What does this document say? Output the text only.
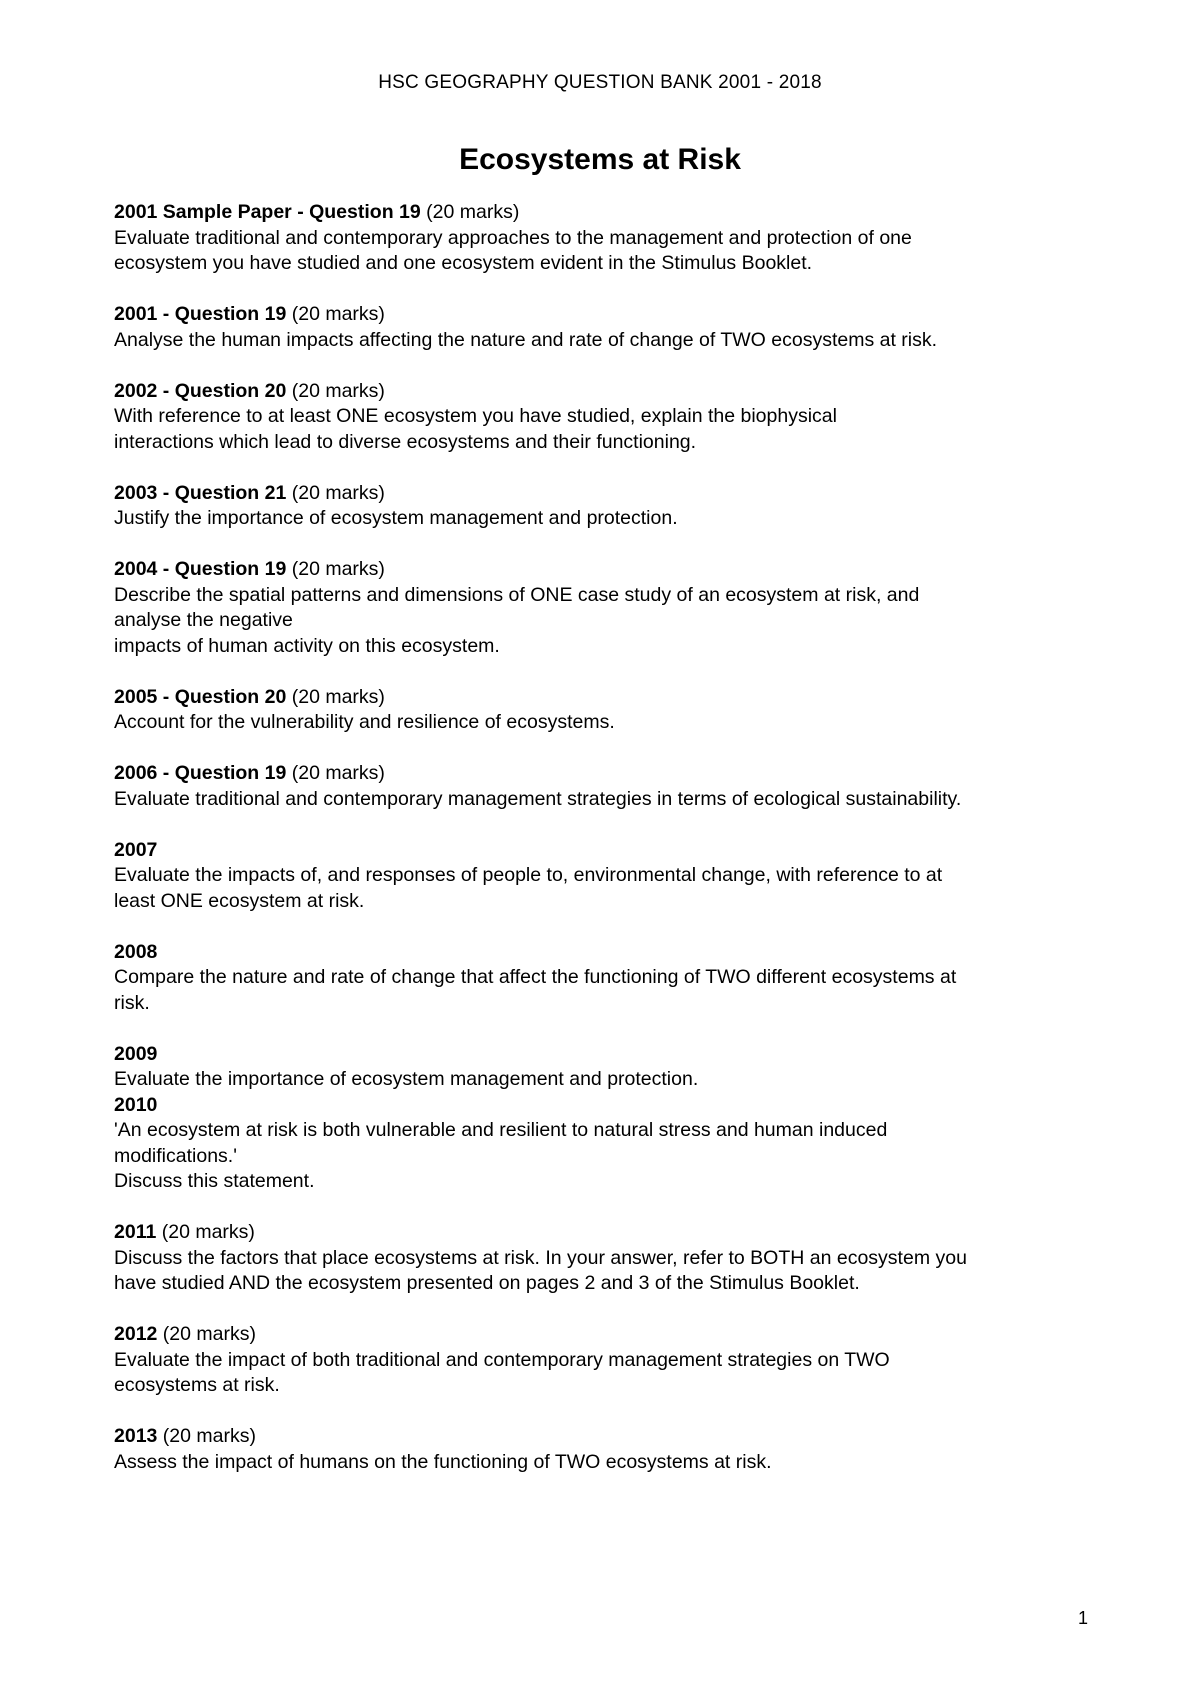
HSC GEOGRAPHY QUESTION BANK 2001 - 2018
Ecosystems at Risk
2001 Sample Paper - Question 19 (20 marks)
Evaluate traditional and contemporary approaches to the management and protection of one
ecosystem you have studied and one ecosystem evident in the Stimulus Booklet.
2001 - Question 19 (20 marks)
Analyse the human impacts affecting the nature and rate of change of TWO ecosystems at risk.
2002 - Question 20 (20 marks)
With reference to at least ONE ecosystem you have studied, explain the biophysical
interactions which lead to diverse ecosystems and their functioning.
2003 - Question 21 (20 marks)
Justify the importance of ecosystem management and protection.
2004 - Question 19 (20 marks)
Describe the spatial patterns and dimensions of ONE case study of an ecosystem at risk, and
analyse the negative
impacts of human activity on this ecosystem.
2005 - Question 20 (20 marks)
Account for the vulnerability and resilience of ecosystems.
2006 - Question 19 (20 marks)
Evaluate traditional and contemporary management strategies in terms of ecological sustainability.
2007
Evaluate the impacts of, and responses of people to, environmental change, with reference to at
least ONE ecosystem at risk.
2008
Compare the nature and rate of change that affect the functioning of TWO different ecosystems at
risk.
2009
Evaluate the importance of ecosystem management and protection.
2010
'An ecosystem at risk is both vulnerable and resilient to natural stress and human induced
modifications.'
Discuss this statement.
2011 (20 marks)
Discuss the factors that place ecosystems at risk. In your answer, refer to BOTH an ecosystem you
have studied AND the ecosystem presented on pages 2 and 3 of the Stimulus Booklet.
2012 (20 marks)
Evaluate the impact of both traditional and contemporary management strategies on TWO
ecosystems at risk.
2013 (20 marks)
Assess the impact of humans on the functioning of TWO ecosystems at risk.
1
